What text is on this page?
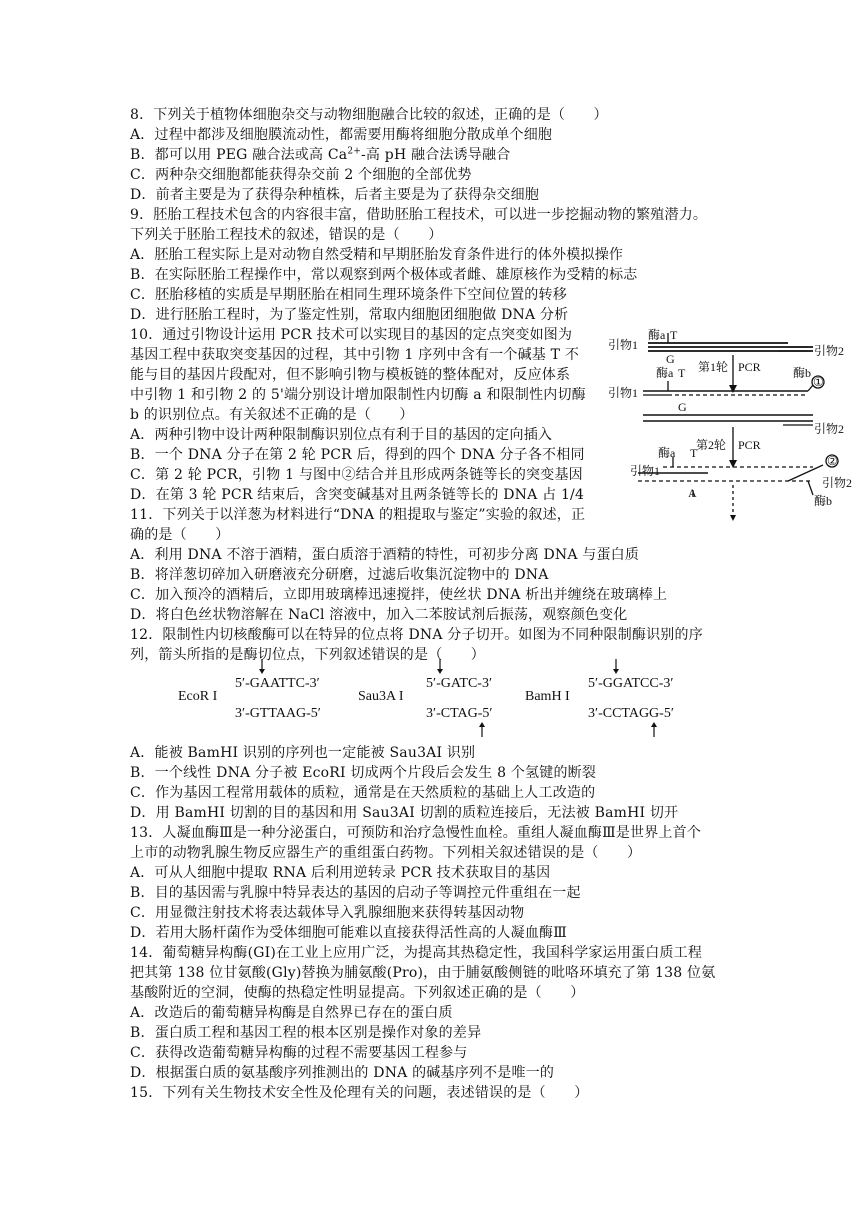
8．下列关于植物体细胞杂交与动物细胞融合比较的叙述，正确的是（　　）
A．过程中都涉及细胞膜流动性，都需要用酶将细胞分散成单个细胞
B．都可以用 PEG 融合法或高 $Ca^{2+}-$高 pH 融合法诱导融合
C．两种杂交细胞都能获得杂交前 2 个细胞的全部优势
D．前者主要是为了获得杂种植株，后者主要是为了获得杂交细胞
9．胚胎工程技术包含的内容很丰富，借助胚胎工程技术，可以进一步挖掘动物的繁殖潜力。
下列关于胚胎工程技术的叙述，错误的是（　　）
A．胚胎工程实际上是对动物自然受精和早期胚胎发育条件进行的体外模拟操作
B．在实际胚胎工程操作中，常以观察到两个极体或者雌、雄原核作为受精的标志
C．胚胎移植的实质是早期胚胎在相同生理环境条件下空间位置的转移
D．进行胚胎工程时，为了鉴定性别，常取内细胞团细胞做 DNA 分析
10．通过引物设计运用 PCR 技术可以实现目的基因的定点突变如图为
基因工程中获取突变基因的过程，其中引物 1 序列中含有一个碱基 T 不
能与目的基因片段配对，但不影响引物与模板链的整体配对，反应体系
中引物 1 和引物 2 的 5'端分别设计增加限制性内切酶 a 和限制性内切酶
b 的识别位点。有关叙述不正确的是（　　）
A．两种引物中设计两种限制酶识别位点有利于目的基因的定向插入
B．一个 DNA 分子在第 2 轮 PCR 后，得到的四个 DNA 分子各不相同
C．第 2 轮 PCR，引物 1 与图中②结合并且形成两条链等长的突变基因
D．在第 3 轮 PCR 结束后，含突变碱基对且两条链等长的 DNA 占 1/4
酶a T
引物1
G
引物2
第1轮 PCR
酶a T
引物1
酶b
①
G
引物2
第2轮 PCR
酶a T
引物1
②
引物2
A
酶b
11．下列关于以洋葱为材料进行“DNA 的粗提取与鉴定”实验的叙述，正
确的是（　　）
A．利用 DNA 不溶于酒精，蛋白质溶于酒精的特性，可初步分离 DNA 与蛋白质
B．将洋葱切碎加入研磨液充分研磨，过滤后收集沉淀物中的 DNA
C．加入预冷的酒精后，立即用玻璃棒迅速搅拌，使丝状 DNA 析出并缠绕在玻璃棒上
D．将白色丝状物溶解在 NaCl 溶液中，加入二苯胺试剂后振荡，观察颜色变化
12．限制性内切核酸酶可以在特异的位点将 DNA 分子切开。如图为不同种限制酶识别的序
列，箭头所指的是酶切位点，下列叙述错误的是（　　）
EcoR I
5′-GAATTC-3′
3′-GTTAAG-5′
Sau3A I
5′-GATC-3′
3′-CTAG-5′
BamH I
5′-GGATCC-3′
3′-CCTAGG-5′
A．能被 BamHI 识别的序列也一定能被 Sau3AI 识别
B．一个线性 DNA 分子被 EcoRI 切成两个片段后会发生 8 个氢键的断裂
C．作为基因工程常用载体的质粒，通常是在天然质粒的基础上人工改造的
D．用 BamHI 切割的目的基因和用 Sau3AI 切割的质粒连接后，无法被 BamHI 切开
13．人凝血酶Ⅲ是一种分泌蛋白，可预防和治疗急慢性血栓。重组人凝血酶Ⅲ是世界上首个
上市的动物乳腺生物反应器生产的重组蛋白药物。下列相关叙述错误的是（　　）
A．可从人细胞中提取 RNA 后利用逆转录 PCR 技术获取目的基因
B．目的基因需与乳腺中特异表达的基因的启动子等调控元件重组在一起
C．用显微注射技术将表达载体导入乳腺细胞来获得转基因动物
D．若用大肠杆菌作为受体细胞可能难以直接获得活性高的人凝血酶Ⅲ
14．葡萄糖异构酶(GI)在工业上应用广泛，为提高其热稳定性，我国科学家运用蛋白质工程
把其第 138 位甘氨酸(Gly)替换为脯氨酸(Pro)，由于脯氨酸侧链的吡咯环填充了第 138 位氨
基酸附近的空洞，使酶的热稳定性明显提高。下列叙述正确的是（　　）
A．改造后的葡萄糖异构酶是自然界已存在的蛋白质
B．蛋白质工程和基因工程的根本区别是操作对象的差异
C．获得改造葡萄糖异构酶的过程不需要基因工程参与
D．根据蛋白质的氨基酸序列推测出的 DNA 的碱基序列不是唯一的
15．下列有关生物技术安全性及伦理有关的问题，表述错误的是（　　）
